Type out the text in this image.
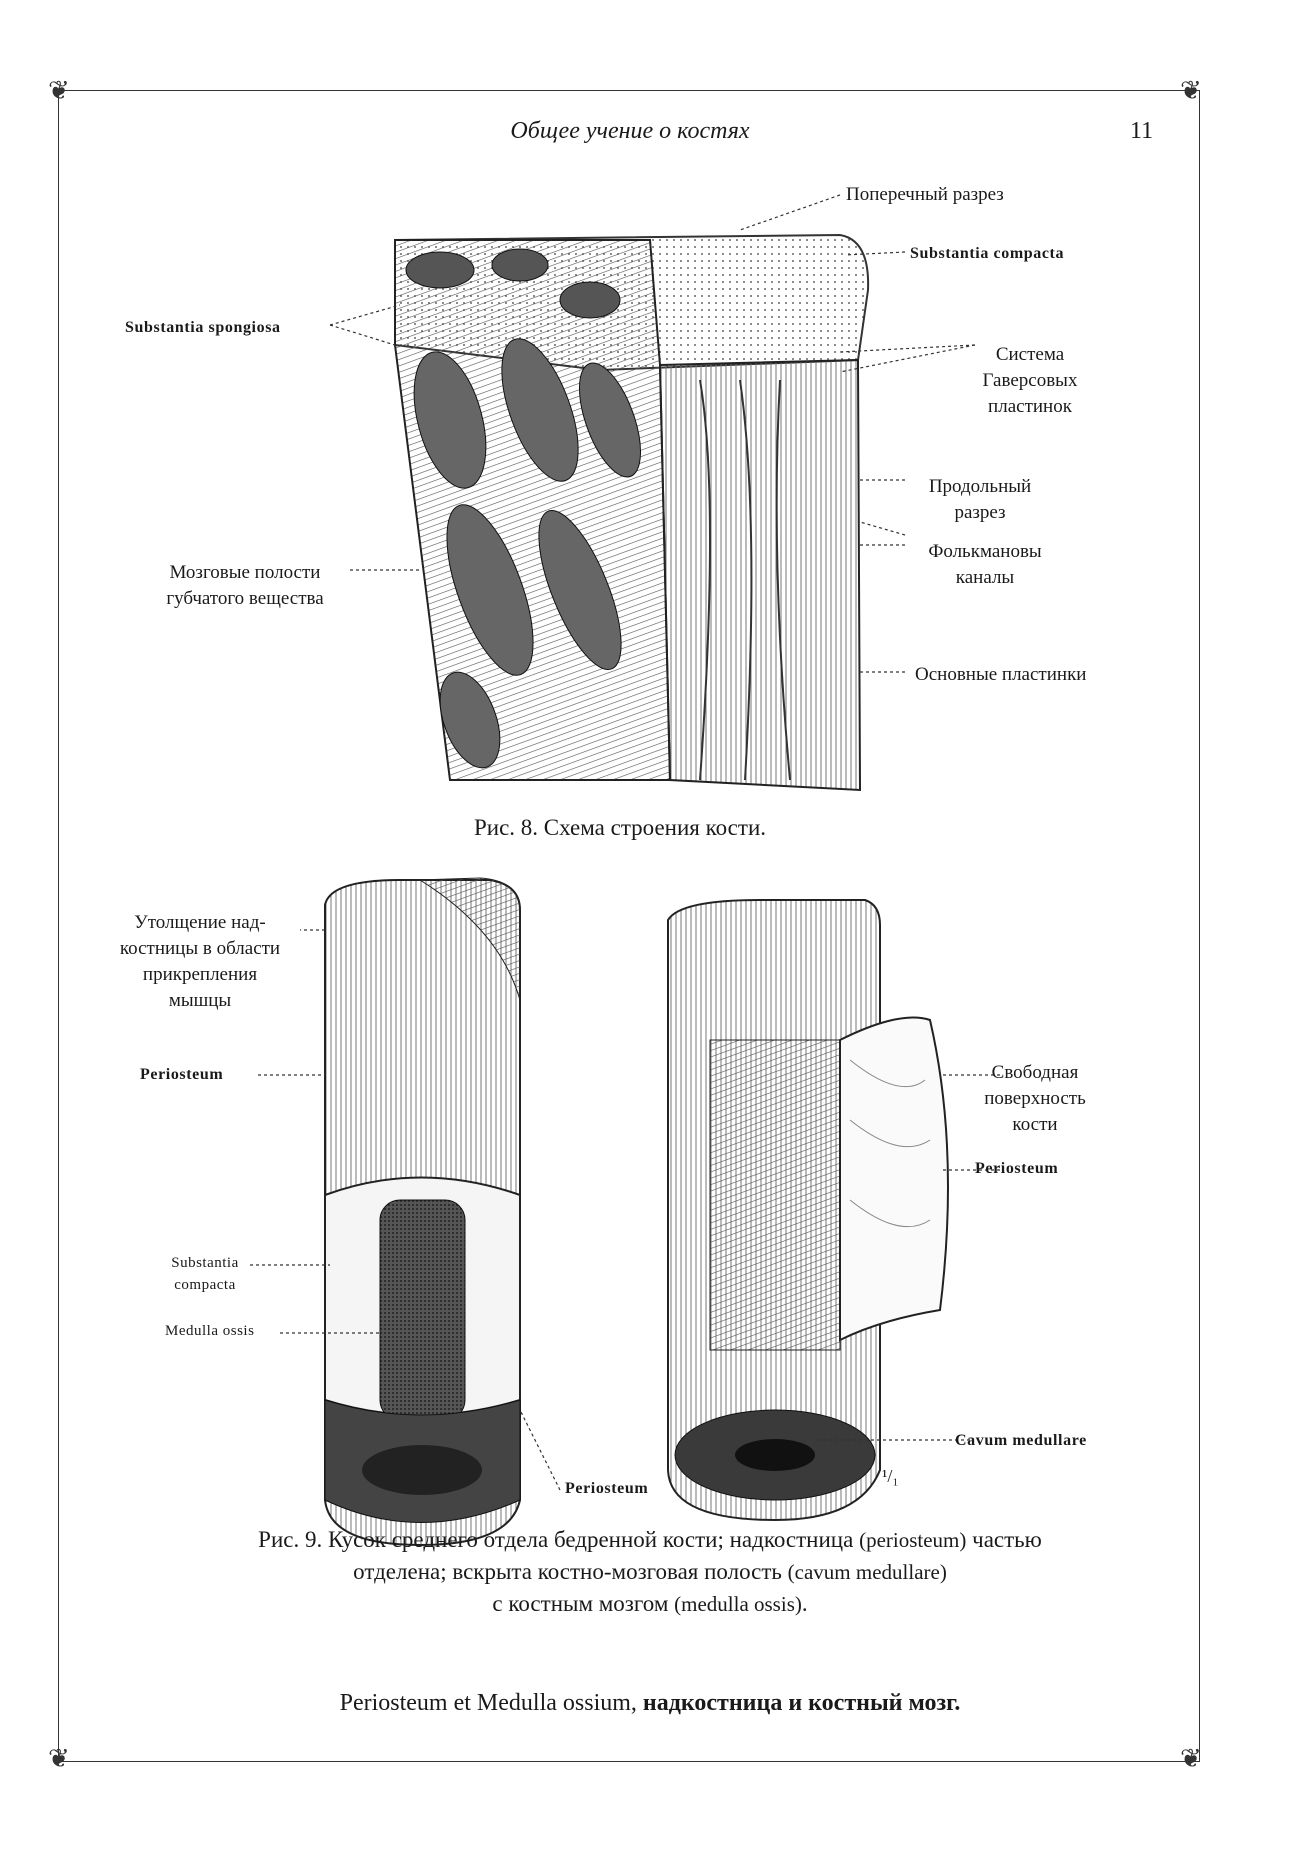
❦	❦
❦	❦
Общее учение о костях	11
Поперечный разрез
Substantia compacta
Substantia spongiosa
Система
Гаверсовых
пластинок
Продольный
разрез
Фолькмановы
каналы
Мозговые полости
губчатого вещества
Основные пластинки
Рис. 8. Схема строения кости.
Утолщение над-
костницы в области
прикрепления
мышцы
Periosteum
Substantia
compacta
Medulla ossis
Periosteum
Свободная
поверхность
кости
Periosteum
Cavum medullare
¹/₁
Рис. 9. Кусок среднего отдела бедренной кости; надкостница (periosteum) частью
отделена; вскрыта костно-мозговая полость (cavum medullare)
с костным мозгом (medulla ossis).
Periosteum et Medulla ossium, надкостница и костный мозг.
